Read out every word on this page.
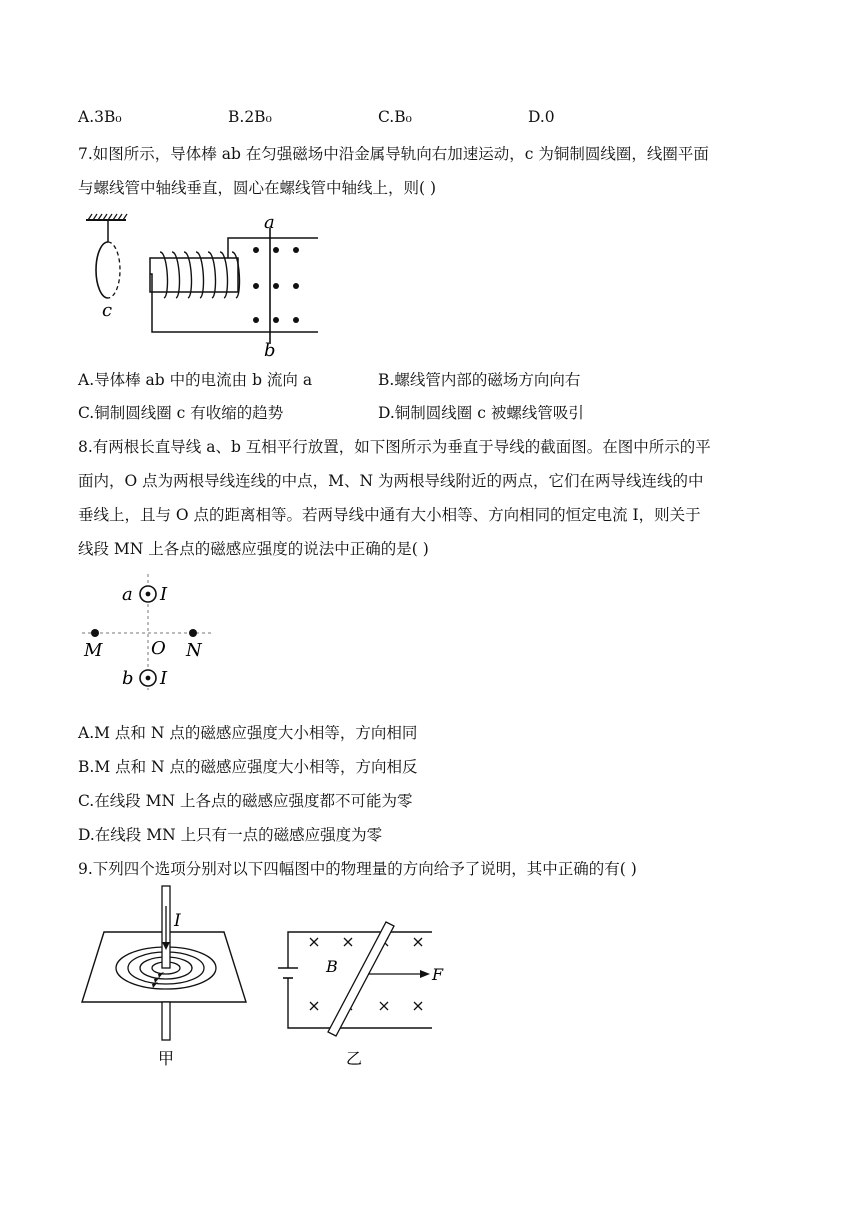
A.3B₀	B.2B₀	C.B₀	D.0
7.如图所示，导体棒 ab 在匀强磁场中沿金属导轨向右加速运动，c 为铜制圆线圈，线圈平面
与螺线管中轴线垂直，圆心在螺线管中轴线上，则( )
c
a
b
A.导体棒 ab 中的电流由 b 流向 a	B.螺线管内部的磁场方向向右
C.铜制圆线圈 c 有收缩的趋势	D.铜制圆线圈 c 被螺线管吸引
8.有两根长直导线 a、b 互相平行放置，如下图所示为垂直于导线的截面图。在图中所示的平
面内，O 点为两根导线连线的中点，M、N 为两根导线附近的两点，它们在两导线连线的中
垂线上，且与 O 点的距离相等。若两导线中通有大小相等、方向相同的恒定电流 I，则关于
线段 MN 上各点的磁感应强度的说法中正确的是( )
a I
b I
M	O N
A.M 点和 N 点的磁感应强度大小相等，方向相同
B.M 点和 N 点的磁感应强度大小相等，方向相反
C.在线段 MN 上各点的磁感应强度都不可能为零
D.在线段 MN 上只有一点的磁感应强度为零
9.下列四个选项分别对以下四幅图中的物理量的方向给予了说明，其中正确的有( )
I
甲
F
B
乙
